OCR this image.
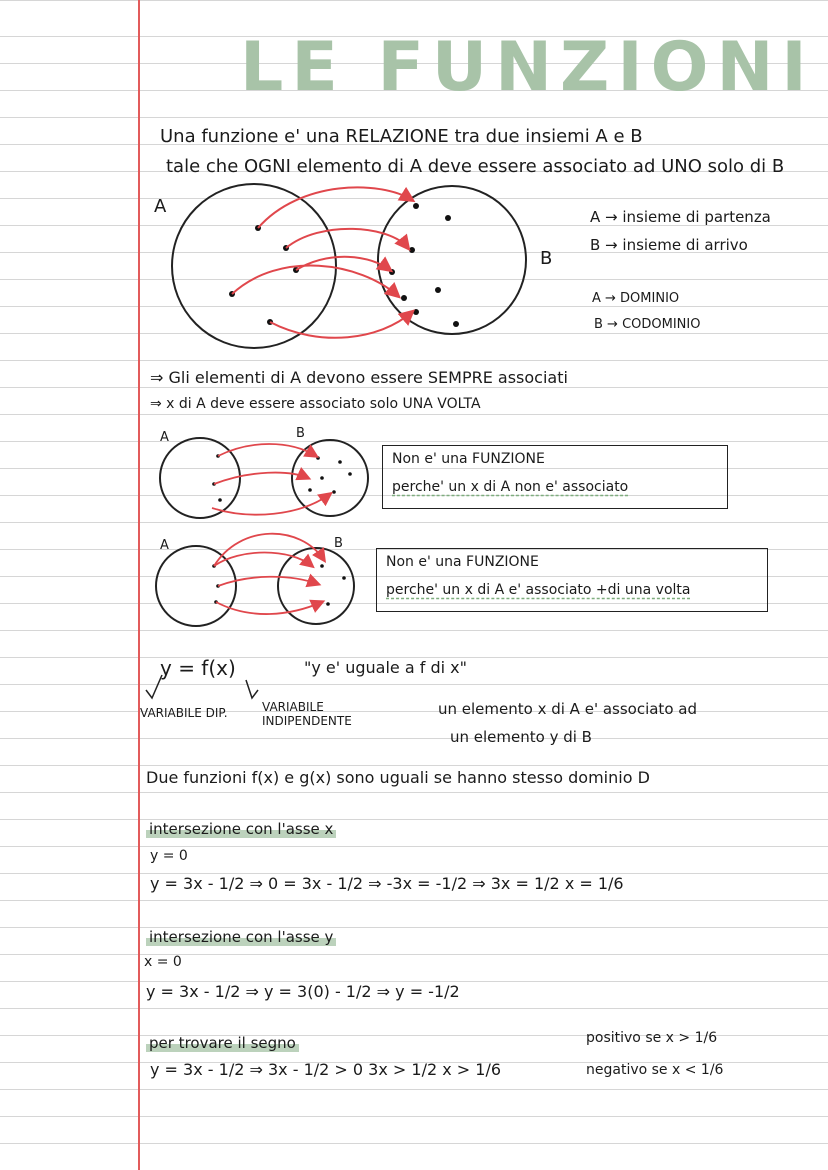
LE FUNZIONI
Una funzione e' una RELAZIONE tra due insiemi A e B
tale che OGNI elemento di A deve essere associato ad UNO solo di B
A
B
A → insieme di partenza
B → insieme di arrivo
A → DOMINIO
B → CODOMINIO
⇒ Gli elementi di A devono essere SEMPRE associati
⇒ x di A deve essere associato solo UNA VOLTA
A	B
Non e' una FUNZIONE
perche' un x di A non e' associato
A	B
Non e' una FUNZIONE
perche' un x di A e' associato +di una volta
y = f(x)	"y e' uguale a f di x"
VARIABILE DIP.	VARIABILE INDIPENDENTE
un elemento x di A e' associato ad
un elemento y di B
Due funzioni f(x) e g(x) sono uguali se hanno stesso dominio D
intersezione con l'asse x
y = 0
y = 3x - 1/2 ⇒ 0 = 3x - 1/2 ⇒ -3x = -1/2 ⇒ 3x = 1/2 x = 1/6
intersezione con l'asse y
x = 0
y = 3x - 1/2 ⇒ y = 3(0) - 1/2 ⇒ y = -1/2
per trovare il segno
y = 3x - 1/2 ⇒ 3x - 1/2 > 0 3x > 1/2 x > 1/6
positivo se x > 1/6
negativo se x < 1/6
